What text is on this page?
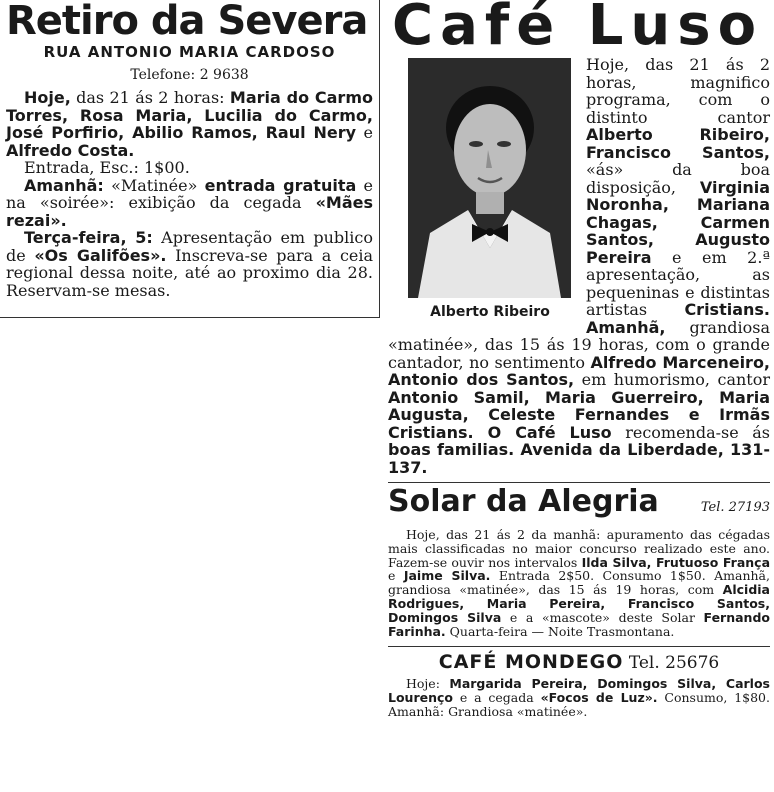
Retiro da Severa
RUA ANTONIO MARIA CARDOSO
Telefone: 2 9638

Hoje, das 21 ás 2 horas: Maria do Carmo Torres, Rosa Maria, Lucilia do Carmo, José Porfirio, Abilio Ramos, Raul Nery e Alfredo Costa.

Entrada, Esc.: 1$00.

Amanhã: «Matinée» entrada gratuita e na «soirée»: exibição da cegada «Mães rezai».

Terça-feira, 5: Apresentação em publico de «Os Galifões». Inscreva-se para a ceia regional dessa noite, até ao proximo dia 28. Reservam-se mesas.

Café Luso
Alberto Ribeiro

Hoje, das 21 ás 2 horas, magnifico programa, com o distinto cantor Alberto Ribeiro, Francisco Santos, «ás» da boa disposição, Virginia Noronha, Mariana Chagas, Carmen Santos, Augusto Pereira e em 2.ª apresentação, as pequeninas e distintas artistas Cristians. Amanhã, grandiosa «matinée», das 15 ás 19 horas, com o grande cantador, no sentimento Alfredo Marceneiro, Antonio dos Santos, em humorismo, cantor Antonio Samil, Maria Guerreiro, Maria Augusta, Celeste Fernandes e Irmãs Cristians. O Café Luso recomenda-se ás boas familias. Avenida da Liberdade, 131-137.

Solar da Alegria	Tel. 27193

Hoje, das 21 ás 2 da manhã: apuramento das cégadas mais classificadas no maior concurso realizado este ano. Fazem-se ouvir nos intervalos Ilda Silva, Frutuoso França e Jaime Silva. Entrada 2$50. Consumo 1$50. Amanhã, grandiosa «matinée», das 15 ás 19 horas, com Alcidia Rodrigues, Maria Pereira, Francisco Santos, Domingos Silva e a «mascote» deste Solar Fernando Farinha. Quarta-feira — Noite Trasmontana.

CAFÉ MONDEGO Tel. 25676

Hoje: Margarida Pereira, Domingos Silva, Carlos Lourenço e a cegada «Focos de Luz». Consumo, 1$80. Amanhã: Grandiosa «matinée».
